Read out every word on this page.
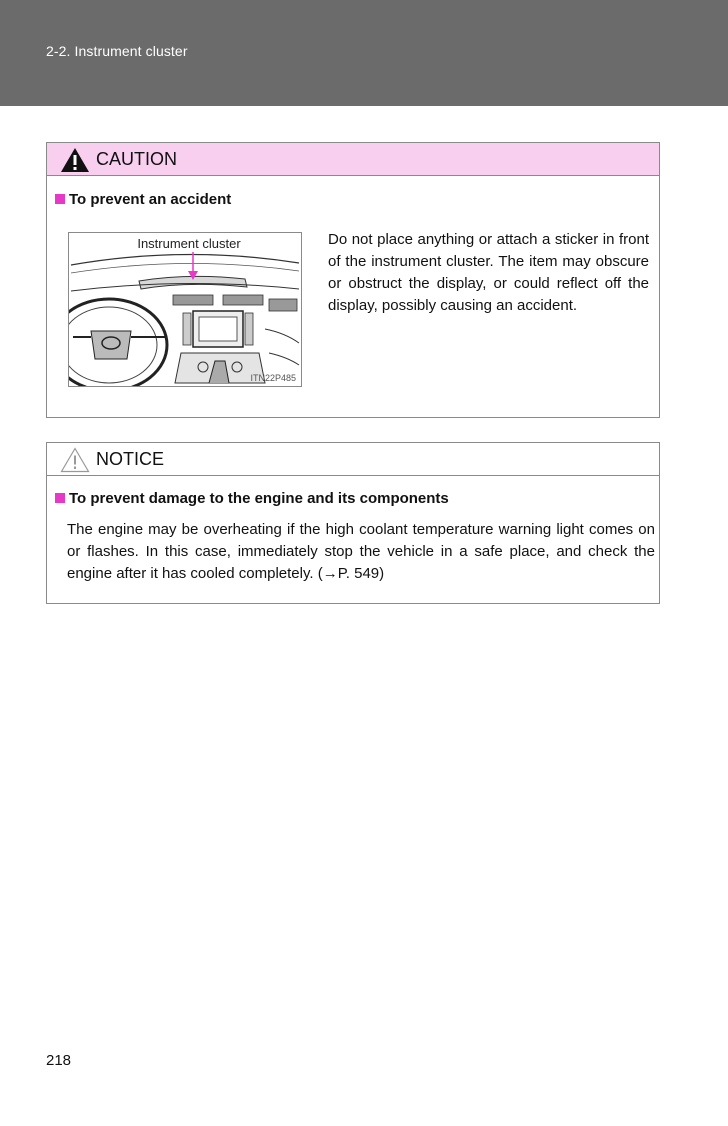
2-2. Instrument cluster
CAUTION
To prevent an accident
Instrument cluster
ITN22P485
Do not place anything or attach a sticker in front of the instrument cluster. The item may obscure or obstruct the display, or could reflect off the display, possibly causing an accident.
NOTICE
To prevent damage to the engine and its components
The engine may be overheating if the high coolant temperature warning light comes on or flashes. In this case, immediately stop the vehicle in a safe place, and check the engine after it has cooled completely. (→P. 549)
218
